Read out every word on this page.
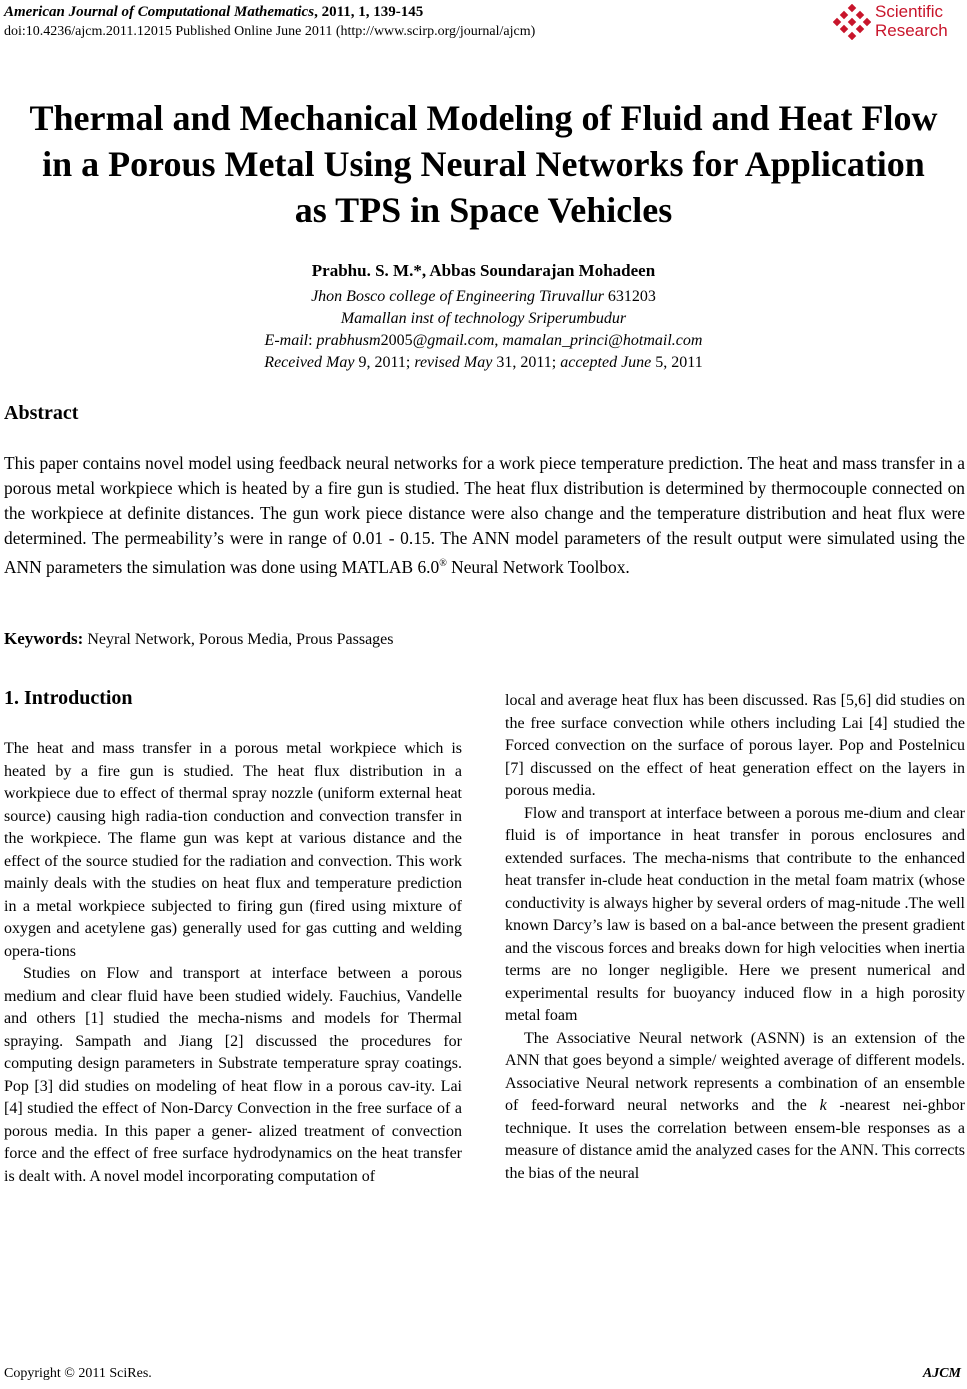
American Journal of Computational Mathematics, 2011, 1, 139-145
doi:10.4236/ajcm.2011.12015 Published Online June 2011 (http://www.scirp.org/journal/ajcm)
Scientific
Research
Thermal and Mechanical Modeling of Fluid and Heat Flow
in a Porous Metal Using Neural Networks for Application
as TPS in Space Vehicles
Prabhu. S. M.*, Abbas Soundarajan Mohadeen
Jhon Bosco college of Engineering Tiruvallur 631203
Mamallan inst of technology Sriperumbudur
E-mail: prabhusm2005@gmail.com, mamalan_princi@hotmail.com
Received May 9, 2011; revised May 31, 2011; accepted June 5, 2011
Abstract
This paper contains novel model using feedback neural networks for a work piece temperature prediction. The heat and mass transfer in a porous metal workpiece which is heated by a fire gun is studied. The heat flux distribution is determined by thermocouple connected on the workpiece at definite distances. The gun work piece distance were also change and the temperature distribution and heat flux were determined. The permeability’s were in range of 0.01 - 0.15. The ANN model parameters of the result output were simulated using the ANN parameters the simulation was done using MATLAB 6.0® Neural Network Toolbox.
Keywords: Neyral Network, Porous Media, Prous Passages
1. Introduction

The heat and mass transfer in a porous metal workpiece which is heated by a fire gun is studied. The heat flux distribution in a workpiece due to effect of thermal spray nozzle (uniform external heat source) causing high radia-tion conduction and convection transfer in the workpiece. The flame gun was kept at various distance and the effect of the source studied for the radiation and convection. This work mainly deals with the studies on heat flux and temperature prediction in a metal workpiece subjected to firing gun (fired using mixture of oxygen and acetylene gas) generally used for gas cutting and welding opera-tions

Studies on Flow and transport at interface between a porous medium and clear fluid have been studied widely. Fauchius, Vandelle and others [1] studied the mecha-nisms and models for Thermal spraying. Sampath and Jiang [2] discussed the procedures for computing design parameters in Substrate temperature spray coatings. Pop [3] did studies on modeling of heat flow in a porous cav-ity. Lai [4] studied the effect of Non-Darcy Convection in the free surface of a porous media. In this paper a gener- alized treatment of convection force and the effect of free surface hydrodynamics on the heat transfer is dealt with. A novel model incorporating computation of

local and average heat flux has been discussed. Ras [5,6] did studies on the free surface convection while others including Lai [4] studied the Forced convection on the surface of porous layer. Pop and Postelnicu [7] discussed on the effect of heat generation effect on the layers in porous media.

Flow and transport at interface between a porous me-dium and clear fluid is of importance in heat transfer in porous enclosures and extended surfaces. The mecha-nisms that contribute to the enhanced heat transfer in-clude heat conduction in the metal foam matrix (whose conductivity is always higher by several orders of mag-nitude .The well known Darcy’s law is based on a bal-ance between the present gradient and the viscous forces and breaks down for high velocities when inertia terms are no longer negligible. Here we present numerical and experimental results for buoyancy induced flow in a high porosity metal foam

The Associative Neural network (ASNN) is an extension of the ANN that goes beyond a simple/ weighted average of different models. Associative Neural network represents a combination of an ensemble of feed-forward neural networks and the k -nearest nei-ghbor technique. It uses the correlation between ensem-ble responses as a measure of distance amid the analyzed cases for the ANN. This corrects the bias of the neural

Copyright © 2011 SciRes.	AJCM
